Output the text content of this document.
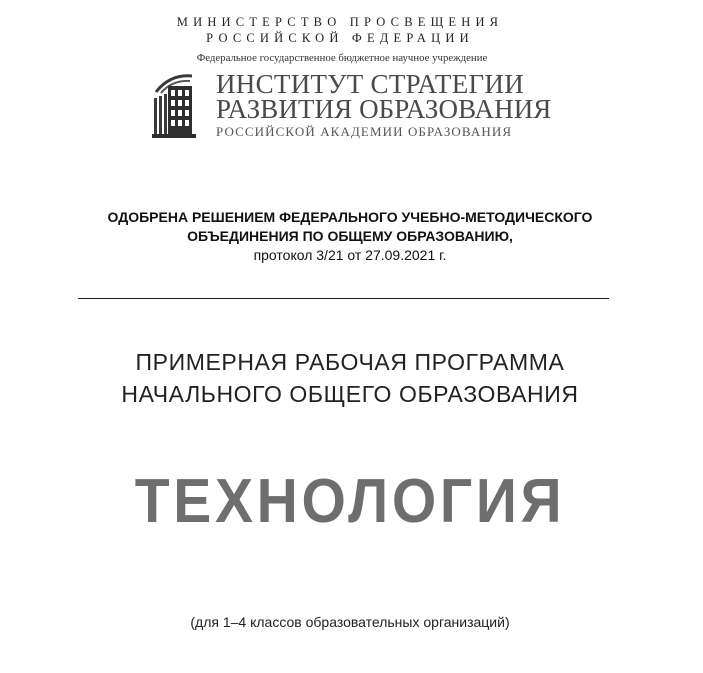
МИНИСТЕРСТВО ПРОСВЕЩЕНИЯ
РОССИЙСКОЙ ФЕДЕРАЦИИ
Федеральное государственное бюджетное научное учреждение
ИНСТИТУТ СТРАТЕГИИ
РАЗВИТИЯ ОБРАЗОВАНИЯ
РОССИЙСКОЙ АКАДЕМИИ ОБРАЗОВАНИЯ
ОДОБРЕНА РЕШЕНИЕМ ФЕДЕРАЛЬНОГО УЧЕБНО-МЕТОДИЧЕСКОГО
ОБЪЕДИНЕНИЯ ПО ОБЩЕМУ ОБРАЗОВАНИЮ,
протокол 3/21 от 27.09.2021 г.
ПРИМЕРНАЯ РАБОЧАЯ ПРОГРАММА
НАЧАЛЬНОГО ОБЩЕГО ОБРАЗОВАНИЯ
ТЕХНОЛОГИЯ
(для 1–4 классов образовательных организаций)
